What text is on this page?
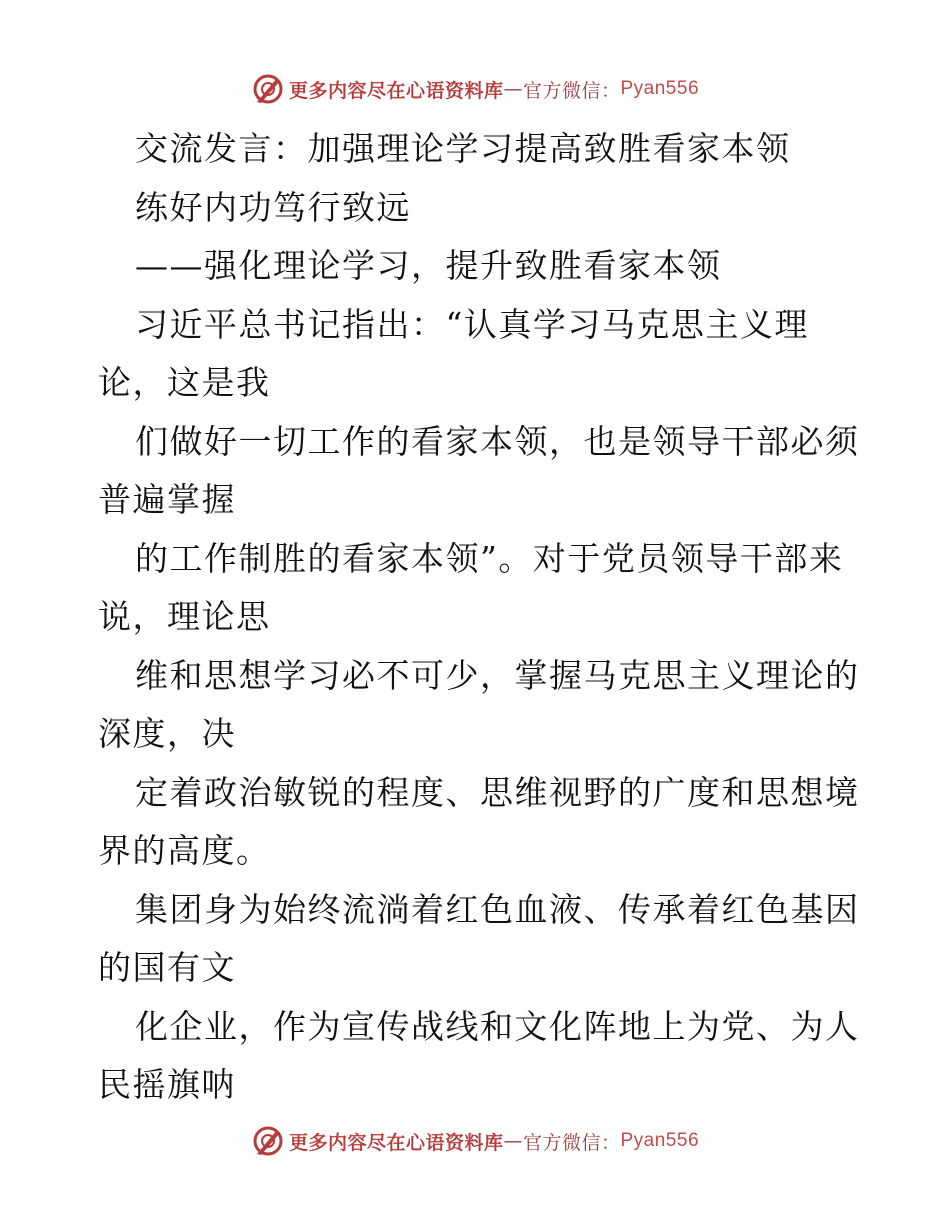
更多内容尽在心语资料库 — 官方微信： Pyan556
交流发言：加强理论学习提高致胜看家本领
练好内功笃行致远
——强化理论学习，提升致胜看家本领
习近平总书记指出：“认真学习马克思主义理
论，这是我
们做好一切工作的看家本领，也是领导干部必须
普遍掌握
的工作制胜的看家本领”。对于党员领导干部来
说，理论思
维和思想学习必不可少，掌握马克思主义理论的
深度，决
定着政治敏锐的程度、思维视野的广度和思想境
界的高度。
集团身为始终流淌着红色血液、传承着红色基因
的国有文
化企业，作为宣传战线和文化阵地上为党、为人
民摇旗呐
更多内容尽在心语资料库 — 官方微信： Pyan556
